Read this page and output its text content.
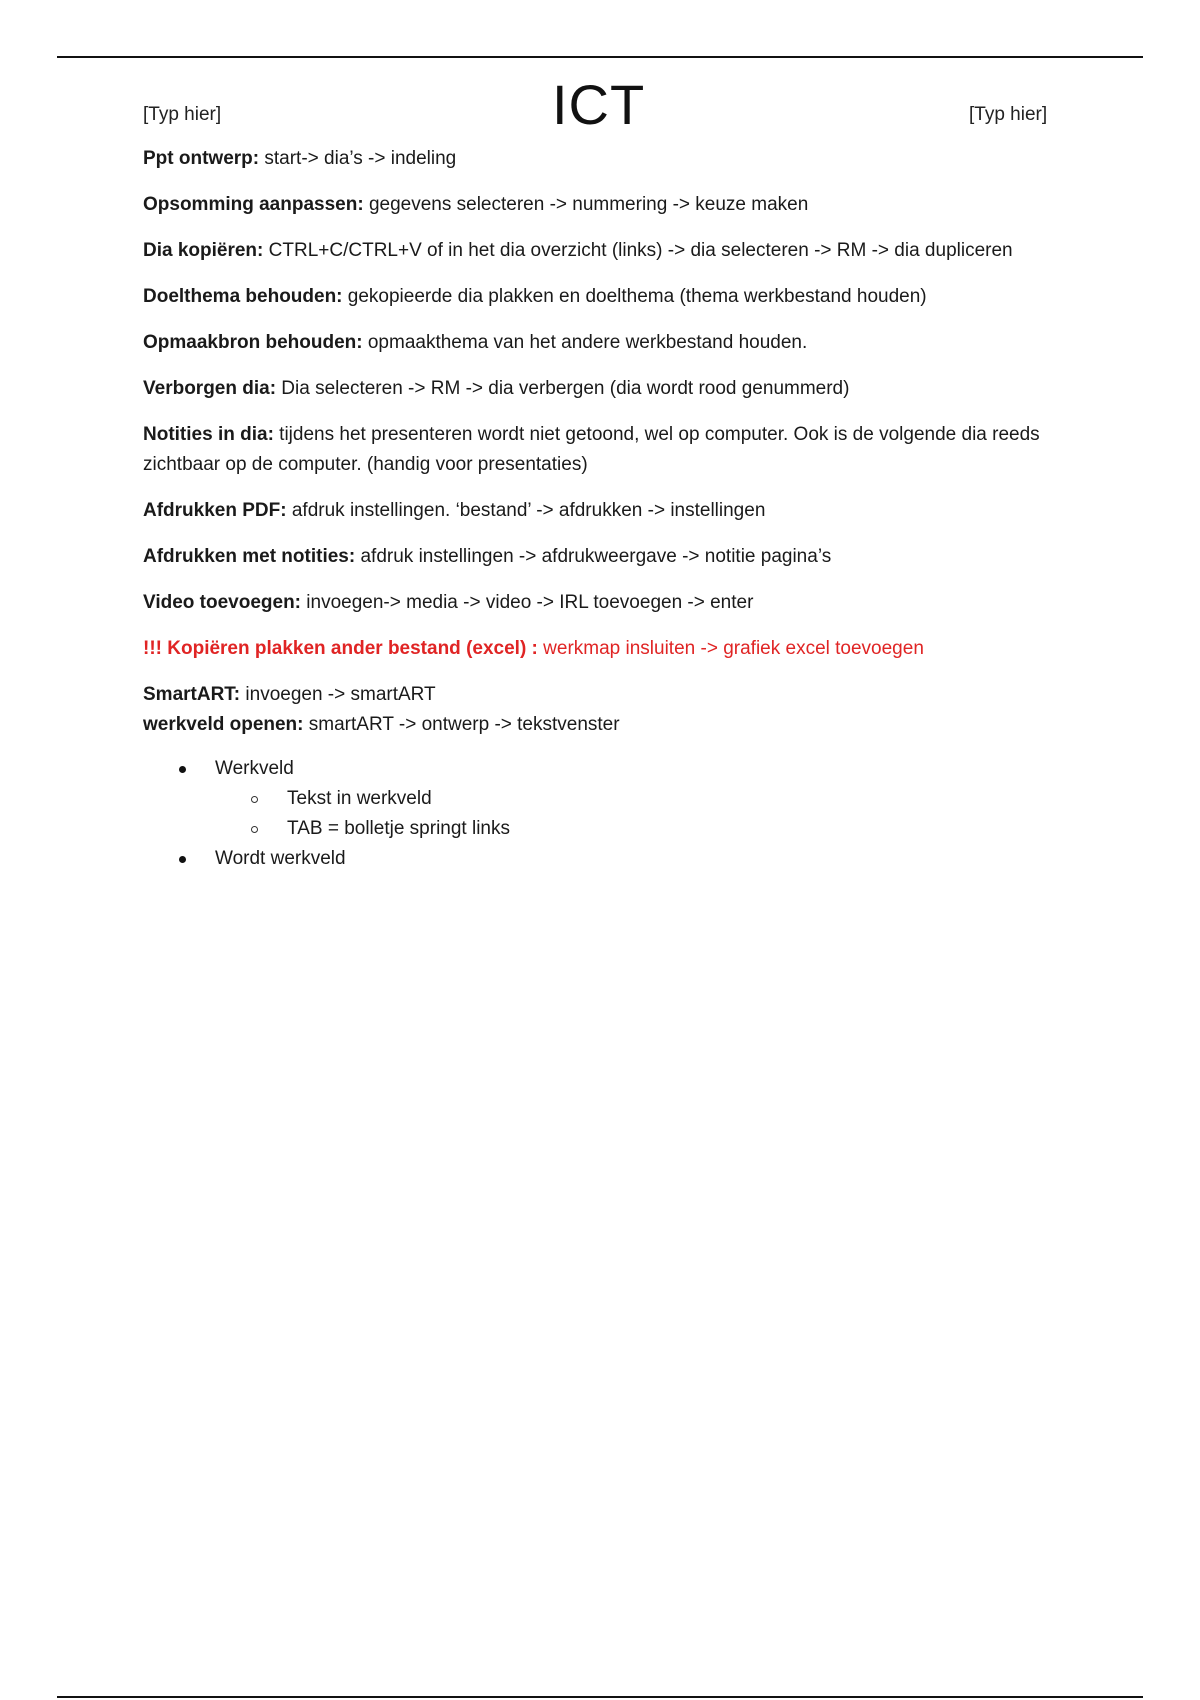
[Typ hier]	ICT	[Typ hier]

Ppt ontwerp: start-> dia’s -> indeling

Opsomming aanpassen: gegevens selecteren -> nummering -> keuze maken

Dia kopiëren: CTRL+C/CTRL+V of in het dia overzicht (links) -> dia selecteren -> RM -> dia dupliceren

Doelthema behouden: gekopieerde dia plakken en doelthema (thema werkbestand houden)

Opmaakbron behouden: opmaakthema van het andere werkbestand houden.

Verborgen dia: Dia selecteren -> RM -> dia verbergen (dia wordt rood genummerd)

Notities in dia: tijdens het presenteren wordt niet getoond, wel op computer. Ook is de volgende dia reeds zichtbaar op de computer. (handig voor presentaties)

Afdrukken PDF: afdruk instellingen. ‘bestand’ -> afdrukken -> instellingen

Afdrukken met notities: afdruk instellingen -> afdrukweergave -> notitie pagina’s

Video toevoegen: invoegen-> media -> video -> IRL toevoegen -> enter

!!! Kopiëren plakken ander bestand (excel) : werkmap insluiten -> grafiek excel toevoegen

SmartART: invoegen -> smartART

werkveld openen: smartART -> ontwerp -> tekstvenster

Werkveld
Tekst in werkveld
TAB = bolletje springt links
Wordt werkveld
